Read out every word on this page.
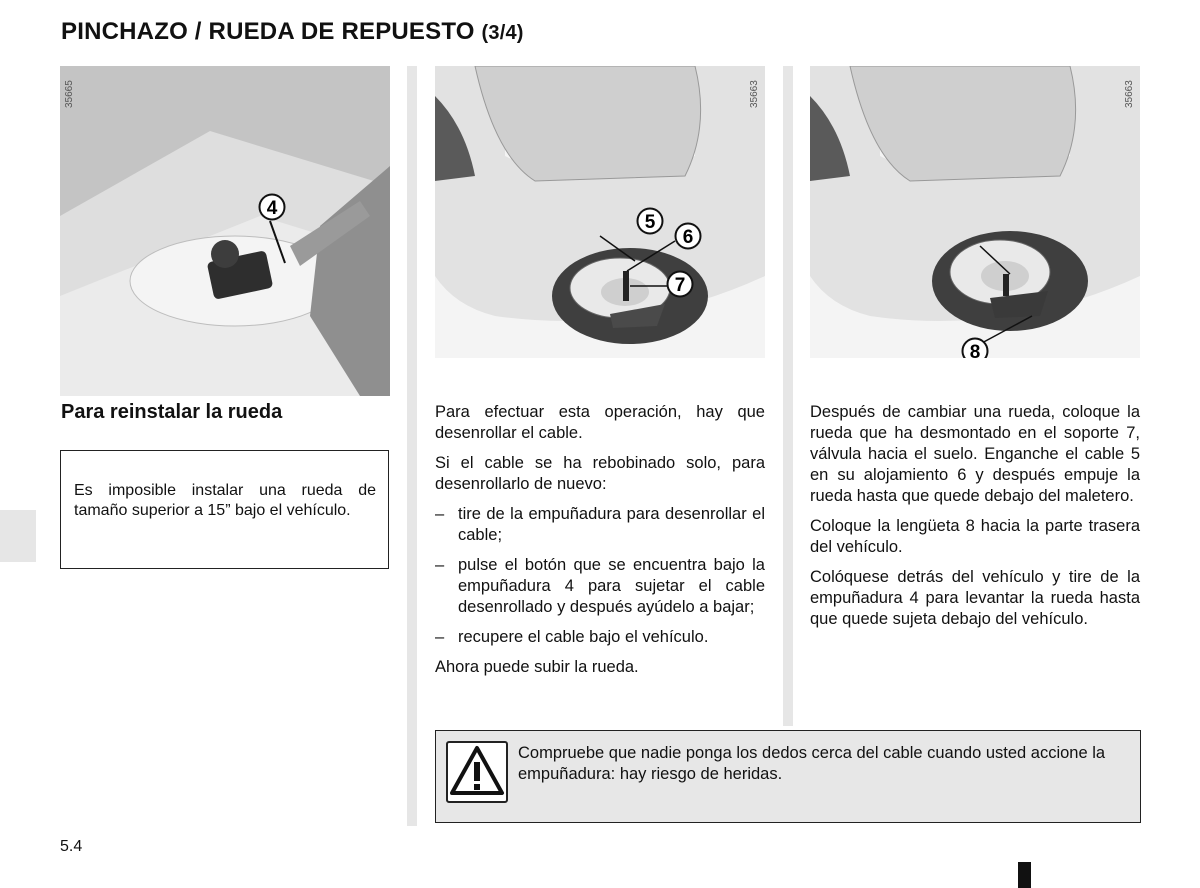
PINCHAZO / RUEDA DE REPUESTO (3/4)
35665
4
35663
5
6
7
35663
8
Para reinstalar la rueda
Es imposible instalar una rueda de tamaño superior a 15” bajo el vehículo.

Para efectuar esta operación, hay que desenrollar el cable.

Si el cable se ha rebobinado solo, para desenrollarlo de nuevo:

– tire de la empuñadura para desenrollar el cable;
– pulse el botón que se encuentra bajo la empuñadura 4 para sujetar el cable desenrollado y después ayúdelo a bajar;
– recupere el cable bajo el vehículo.

Ahora puede subir la rueda.

Después de cambiar una rueda, coloque la rueda que ha desmontado en el soporte 7, válvula hacia el suelo. Enganche el cable 5 en su alojamiento 6 y después empuje la rueda hasta que quede debajo del maletero.

Coloque la lengüeta 8 hacia la parte trasera del vehículo.

Colóquese detrás del vehículo y tire de la empuñadura 4 para levantar la rueda hasta que quede sujeta debajo del vehículo.

Compruebe que nadie ponga los dedos cerca del cable cuando usted accione la empuñadura: hay riesgo de heridas.
5.4
